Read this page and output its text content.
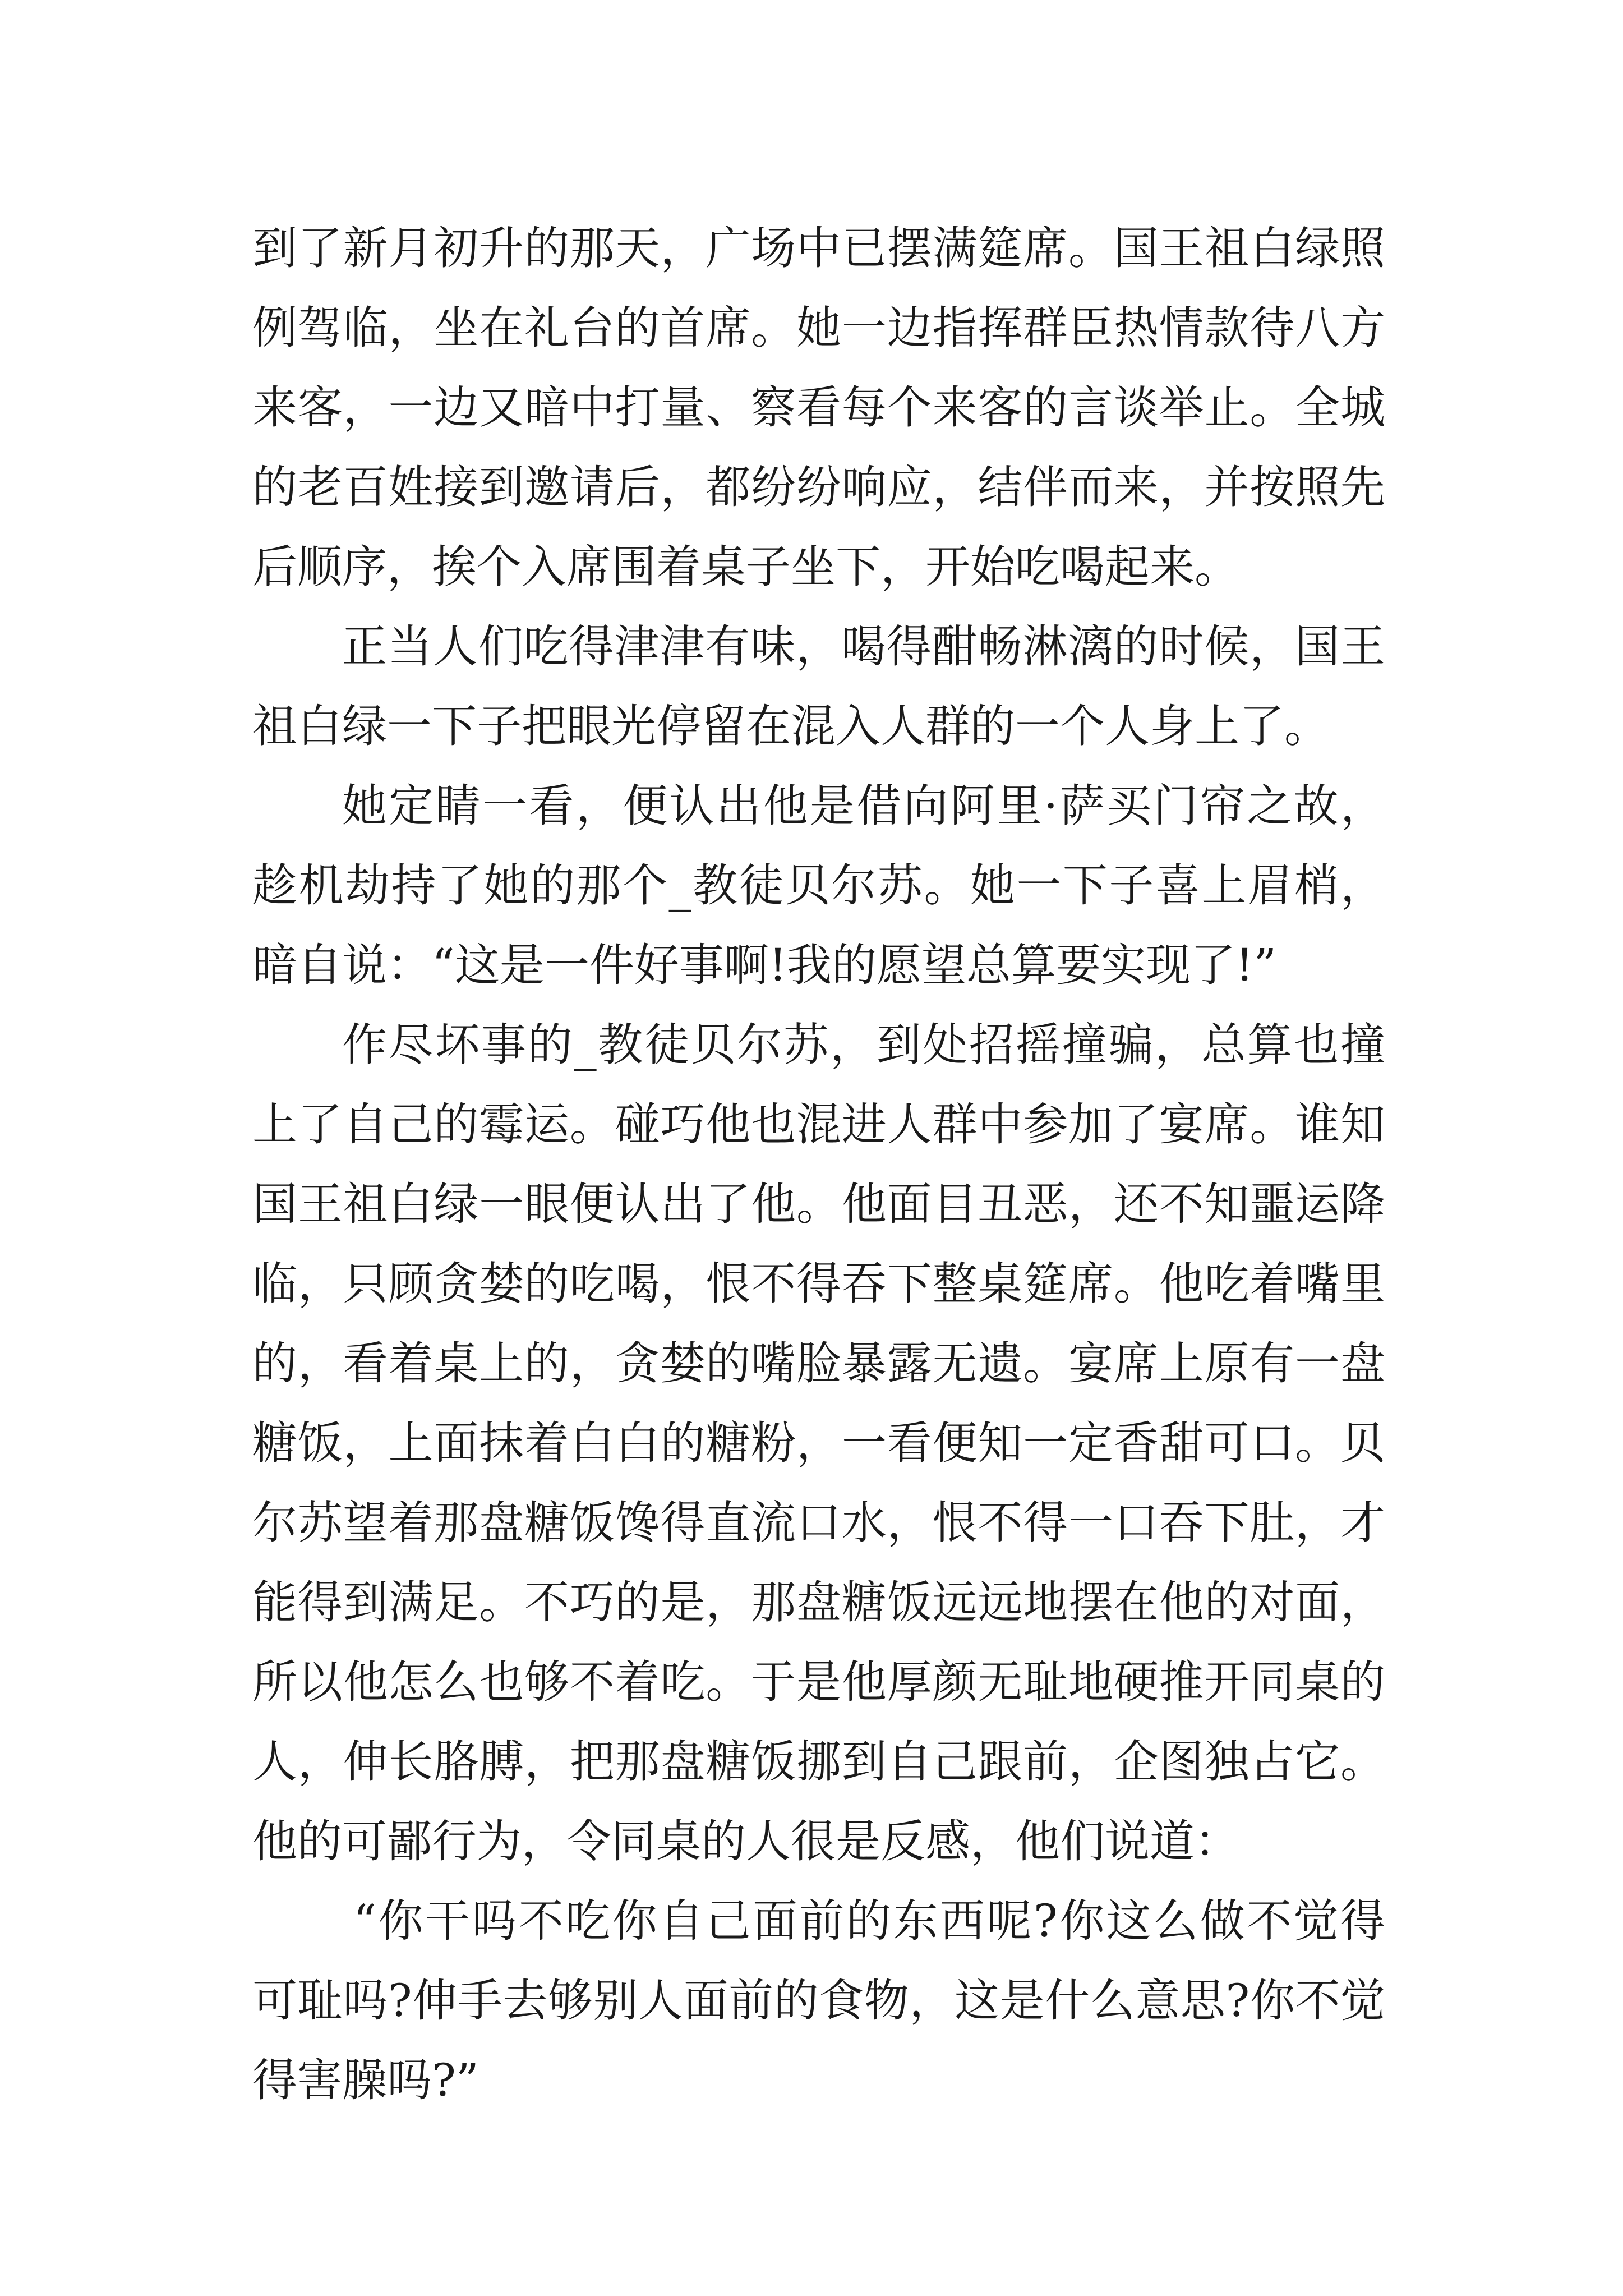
到了新月初升的那天，广场中已摆满筵席。国王祖白绿照例驾临，坐在礼台的首席。她一边指挥群臣热情款待八方来客，一边又暗中打量、察看每个来客的言谈举止。全城的老百姓接到邀请后，都纷纷响应，结伴而来，并按照先后顺序，挨个入席围着桌子坐下，开始吃喝起来。

正当人们吃得津津有味，喝得酣畅淋漓的时候，国王祖白绿一下子把眼光停留在混入人群的一个人身上了。

她定睛一看，便认出他是借向阿里·萨买门帘之故，趁机劫持了她的那个_教徒贝尔苏。她一下子喜上眉梢，暗自说：“这是一件好事啊!我的愿望总算要实现了!”

作尽坏事的_教徒贝尔苏，到处招摇撞骗，总算也撞上了自己的霉运。碰巧他也混进人群中参加了宴席。谁知国王祖白绿一眼便认出了他。他面目丑恶，还不知噩运降临，只顾贪婪的吃喝，恨不得吞下整桌筵席。他吃着嘴里的，看着桌上的，贪婪的嘴脸暴露无遗。宴席上原有一盘糖饭，上面抹着白白的糖粉，一看便知一定香甜可口。贝尔苏望着那盘糖饭馋得直流口水，恨不得一口吞下肚，才能得到满足。不巧的是，那盘糖饭远远地摆在他的对面，所以他怎么也够不着吃。于是他厚颜无耻地硬推开同桌的人，伸长胳膊，把那盘糖饭挪到自己跟前，企图独占它。他的可鄙行为，令同桌的人很是反感，他们说道：

“你干吗不吃你自己面前的东西呢?你这么做不觉得可耻吗?伸手去够别人面前的食物，这是什么意思?你不觉得害臊吗?”
